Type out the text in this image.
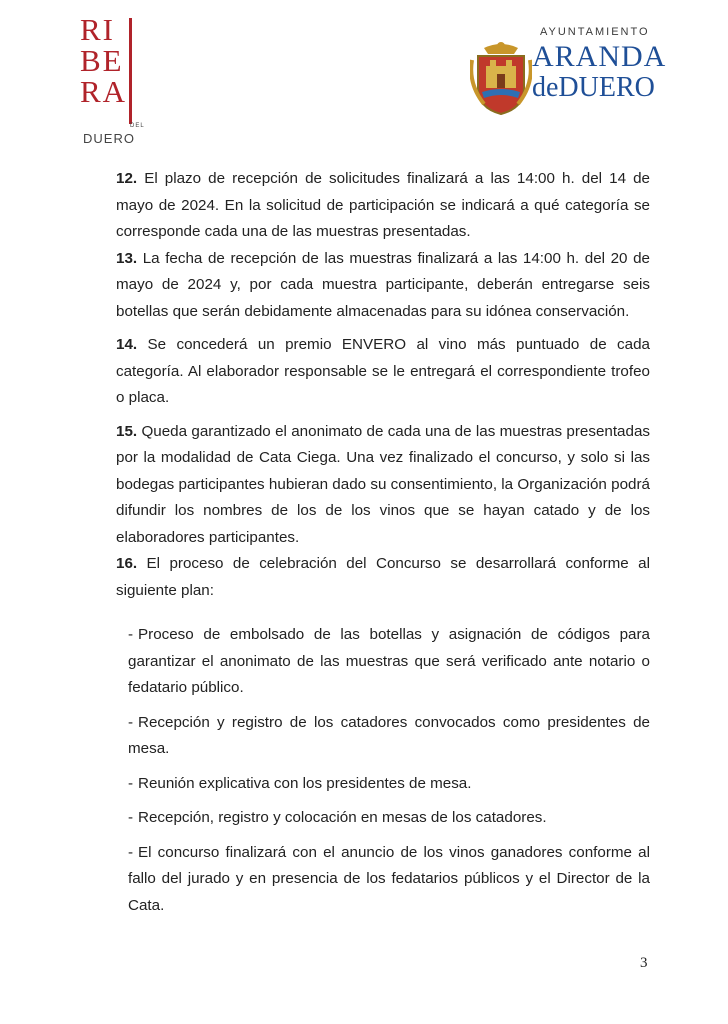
RI
BE
RA
DEL
DUERO
AYUNTAMIENTO
ARANDA
deDUERO

12. El plazo de recepción de solicitudes finalizará a las 14:00 h. del 14 de mayo de 2024. En la solicitud de participación se indicará a qué categoría se corresponde cada una de las muestras presentadas.

13. La fecha de recepción de las muestras finalizará a las 14:00 h. del 20 de mayo de 2024 y, por cada muestra participante, deberán entregarse seis botellas que serán debidamente almacenadas para su idónea conservación.

14. Se concederá un premio ENVERO al vino más puntuado de cada categoría. Al elaborador responsable se le entregará el correspondiente trofeo o placa.

15. Queda garantizado el anonimato de cada una de las muestras presentadas por la modalidad de Cata Ciega. Una vez finalizado el concurso, y solo si las bodegas participantes hubieran dado su consentimiento, la Organización podrá difundir los nombres de los de los vinos que se hayan catado y de los elaboradores participantes.

16. El proceso de celebración del Concurso se desarrollará conforme al siguiente plan:

- Proceso de embolsado de las botellas y asignación de códigos para garantizar el anonimato de las muestras que será verificado ante notario o fedatario público.
- Recepción y registro de los catadores convocados como presidentes de mesa.
- Reunión explicativa con los presidentes de mesa.
- Recepción, registro y colocación en mesas de los catadores.
- El concurso finalizará con el anuncio de los vinos ganadores conforme al fallo del jurado y en presencia de los fedatarios públicos y el Director de la Cata.
3
